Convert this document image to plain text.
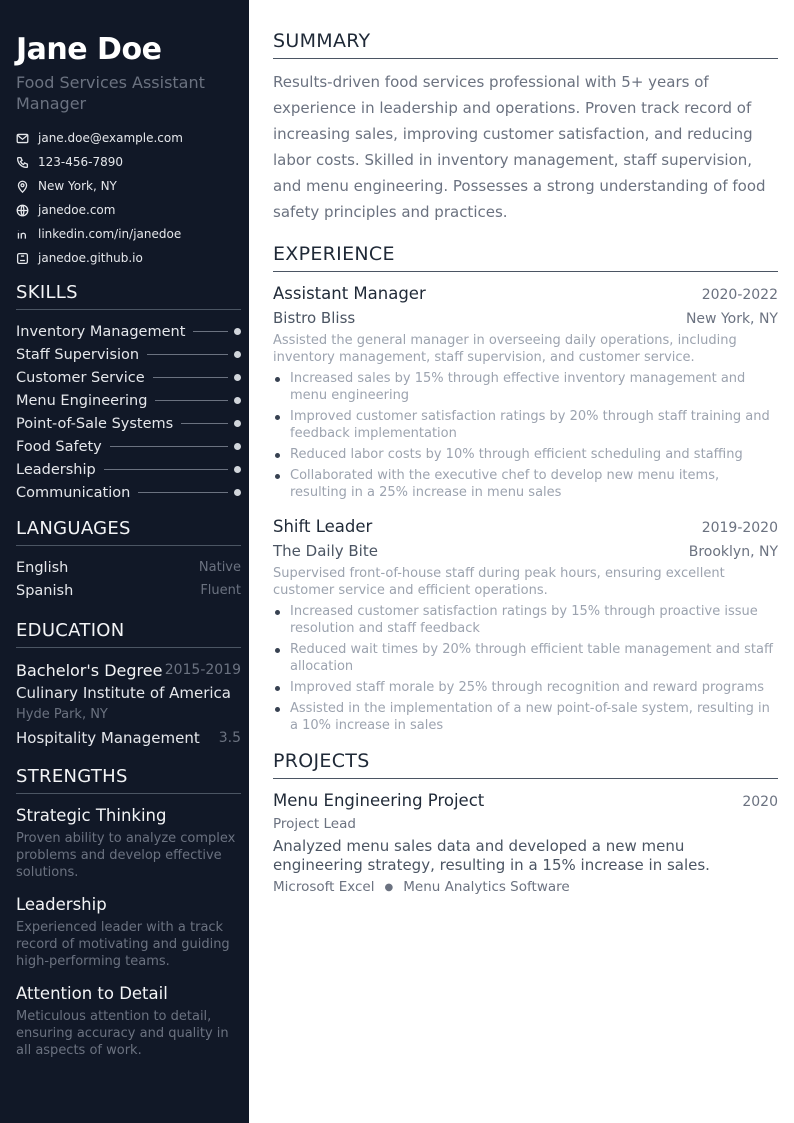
Jane Doe
Food Services Assistant Manager
jane.doe@example.com
123-456-7890
New York, NY
janedoe.com
linkedin.com/in/janedoe
janedoe.github.io
SKILLS
Inventory Management
Staff Supervision
Customer Service
Menu Engineering
Point-of-Sale Systems
Food Safety
Leadership
Communication
LANGUAGES
English	Native
Spanish	Fluent
EDUCATION
Bachelor's Degree 2015-2019
Culinary Institute of America
Hyde Park, NY
Hospitality Management 3.5
STRENGTHS
Strategic Thinking
Proven ability to analyze complex problems and develop effective solutions.
Leadership
Experienced leader with a track record of motivating and guiding high-performing teams.
Attention to Detail
Meticulous attention to detail, ensuring accuracy and quality in all aspects of work.
SUMMARY
Results-driven food services professional with 5+ years of experience in leadership and operations. Proven track record of increasing sales, improving customer satisfaction, and reducing labor costs. Skilled in inventory management, staff supervision, and menu engineering. Possesses a strong understanding of food safety principles and practices.
EXPERIENCE
Assistant Manager	2020-2022
Bistro Bliss	New York, NY
Assisted the general manager in overseeing daily operations, including inventory management, staff supervision, and customer service.
Increased sales by 15% through effective inventory management and menu engineering
Improved customer satisfaction ratings by 20% through staff training and feedback implementation
Reduced labor costs by 10% through efficient scheduling and staffing
Collaborated with the executive chef to develop new menu items, resulting in a 25% increase in menu sales
Shift Leader	2019-2020
The Daily Bite	Brooklyn, NY
Supervised front-of-house staff during peak hours, ensuring excellent customer service and efficient operations.
Increased customer satisfaction ratings by 15% through proactive issue resolution and staff feedback
Reduced wait times by 20% through efficient table management and staff allocation
Improved staff morale by 25% through recognition and reward programs
Assisted in the implementation of a new point-of-sale system, resulting in a 10% increase in sales
PROJECTS
Menu Engineering Project	2020
Project Lead
Analyzed menu sales data and developed a new menu engineering strategy, resulting in a 15% increase in sales.
Microsoft Excel ● Menu Analytics Software
